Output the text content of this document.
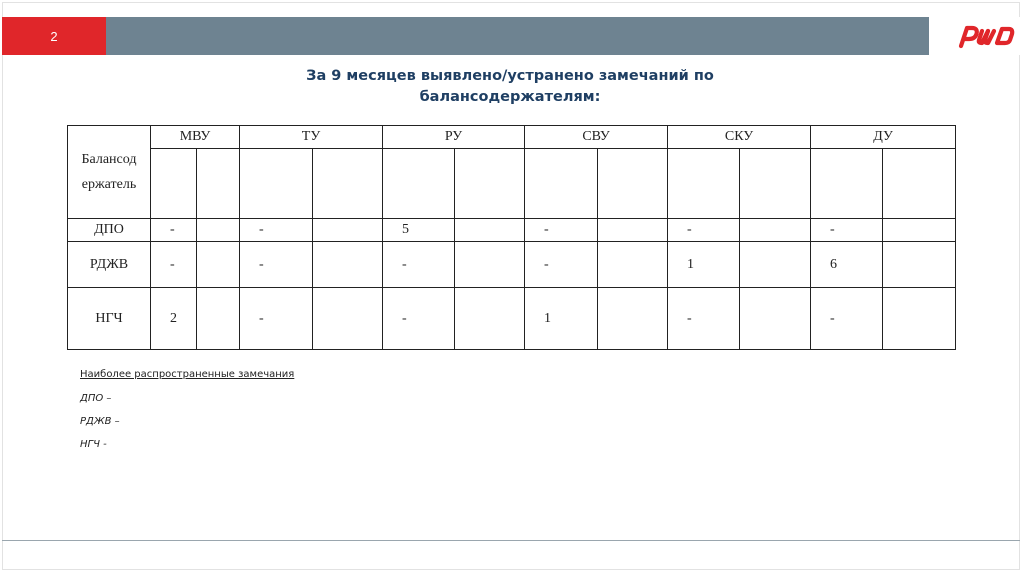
2
За 9 месяцев выявлено/устранено замечаний по
балансодержателям:
Балансод ержатель	МВУ		ТУ		РУ		СВУ		СКУ		ДУ	

ДПО	-		-		5		-		-		-	
РДЖВ	-		-		-		-		1		6	
НГЧ	2		-		-		1		-		-	
Наиболее распространенные замечания
ДПО –
РДЖВ –
НГЧ -
